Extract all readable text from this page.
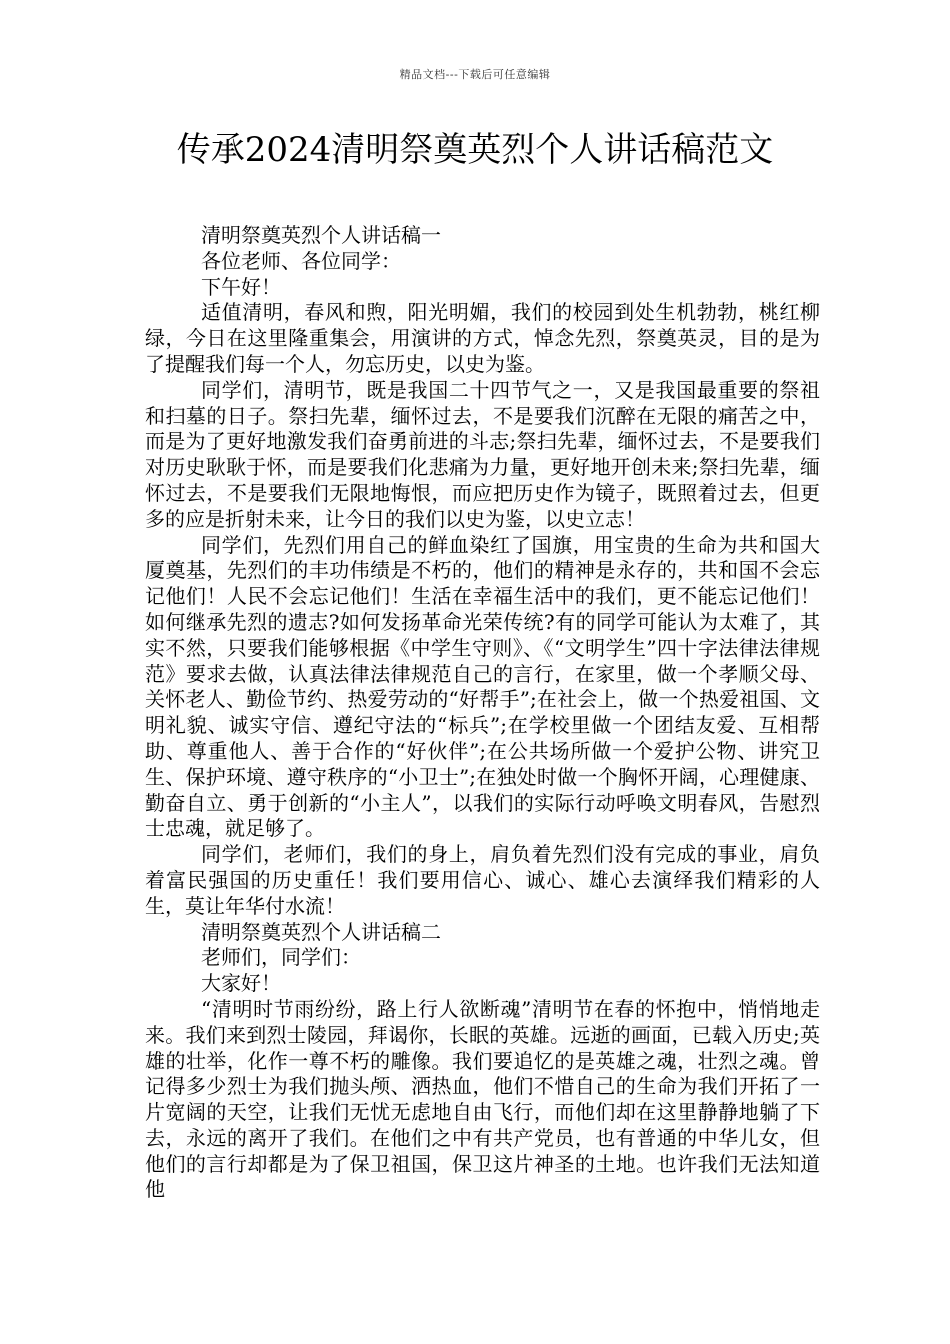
精品文档---下载后可任意编辑
传承2024清明祭奠英烈个人讲话稿范文

清明祭奠英烈个人讲话稿一

各位老师、各位同学：

下午好！

适值清明，春风和煦，阳光明媚，我们的校园到处生机勃勃，桃红柳绿，今日在这里隆重集会，用演讲的方式，悼念先烈，祭奠英灵，目的是为了提醒我们每一个人，勿忘历史，以史为鉴。

同学们，清明节，既是我国二十四节气之一，又是我国最重要的祭祖和扫墓的日子。祭扫先辈，缅怀过去，不是要我们沉醉在无限的痛苦之中，而是为了更好地激发我们奋勇前进的斗志;祭扫先辈，缅怀过去，不是要我们对历史耿耿于怀，而是要我们化悲痛为力量，更好地开创未来;祭扫先辈，缅怀过去，不是要我们无限地悔恨，而应把历史作为镜子，既照着过去，但更多的应是折射未来，让今日的我们以史为鉴，以史立志！

同学们，先烈们用自己的鲜血染红了国旗，用宝贵的生命为共和国大厦奠基，先烈们的丰功伟绩是不朽的，他们的精神是永存的，共和国不会忘记他们！人民不会忘记他们！生活在幸福生活中的我们，更不能忘记他们！如何继承先烈的遗志?如何发扬革命光荣传统?有的同学可能认为太难了，其实不然，只要我们能够根据《中学生守则》、《“文明学生”四十字法律法律规范》要求去做，认真法律法律规范自己的言行，在家里，做一个孝顺父母、关怀老人、勤俭节约、热爱劳动的“好帮手”;在社会上，做一个热爱祖国、文明礼貌、诚实守信、遵纪守法的“标兵”;在学校里做一个团结友爱、互相帮助、尊重他人、善于合作的“好伙伴”;在公共场所做一个爱护公物、讲究卫生、保护环境、遵守秩序的“小卫士”;在独处时做一个胸怀开阔，心理健康、勤奋自立、勇于创新的“小主人”，以我们的实际行动呼唤文明春风，告慰烈士忠魂，就足够了。

同学们，老师们，我们的身上，肩负着先烈们没有完成的事业，肩负着富民强国的历史重任！我们要用信心、诚心、雄心去演绎我们精彩的人生，莫让年华付水流！

清明祭奠英烈个人讲话稿二

老师们，同学们：

大家好！

“清明时节雨纷纷，路上行人欲断魂”清明节在春的怀抱中，悄悄地走来。我们来到烈士陵园，拜谒你，长眠的英雄。远逝的画面，已载入历史;英雄的壮举，化作一尊不朽的雕像。我们要追忆的是英雄之魂，壮烈之魂。曾记得多少烈士为我们抛头颅、洒热血，他们不惜自己的生命为我们开拓了一片宽阔的天空，让我们无忧无虑地自由飞行，而他们却在这里静静地躺了下去，永远的离开了我们。在他们之中有共产党员，也有普通的中华儿女，但他们的言行却都是为了保卫祖国，保卫这片神圣的土地。也许我们无法知道他
